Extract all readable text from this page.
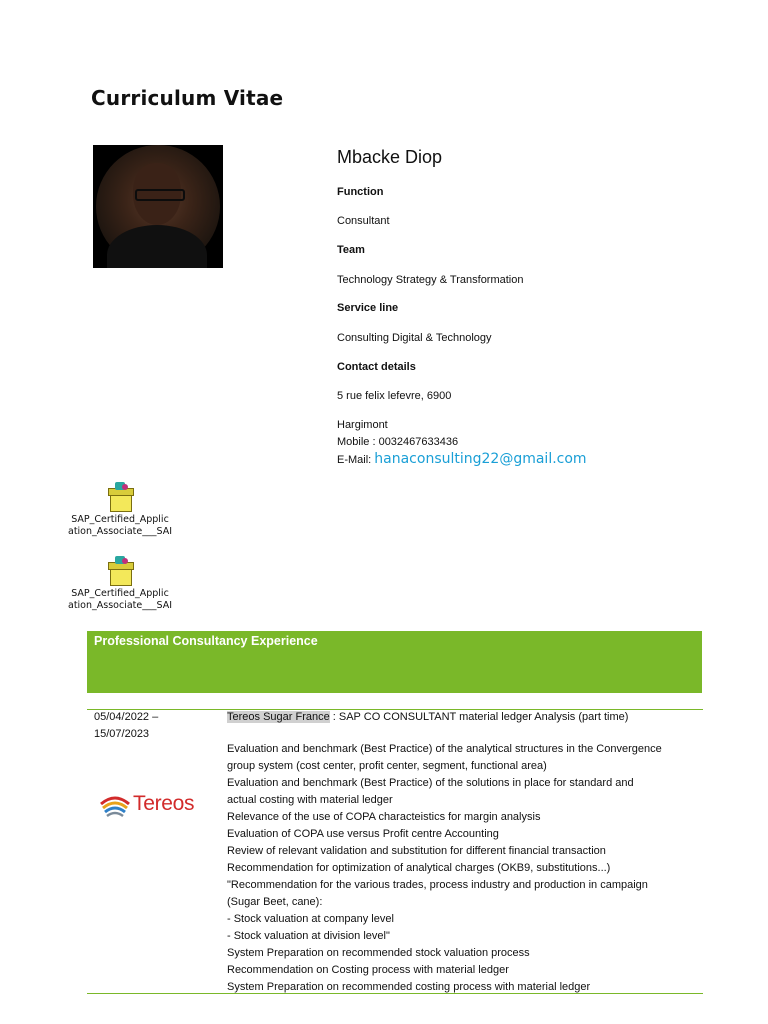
Curriculum Vitae
Mbacke Diop
Function
Consultant
Team
Technology Strategy & Transformation
Service line
Consulting Digital & Technology
Contact details
5 rue felix lefevre, 6900
Hargimont
Mobile : 0032467633436
E-Mail: hanaconsulting22@gmail.com
SAP_Certified_Applic
ation_Associate___SAI
SAP_Certified_Applic
ation_Associate___SAI
Professional Consultancy Experience
05/04/2022 –
15/07/2023
Tereos
Tereos Sugar France : SAP CO CONSULTANT material ledger Analysis (part time)
Evaluation and benchmark (Best Practice) of the analytical structures in the Convergence
group system (cost center, profit center, segment, functional area)
Evaluation and benchmark (Best Practice) of the solutions in place for standard and
actual costing with material ledger
Relevance of the use of COPA characteistics for margin analysis
Evaluation of COPA use versus Profit centre Accounting
Review of relevant validation and substitution for different financial transaction
Recommendation for optimization of analytical charges (OKB9, substitutions...)
"Recommendation for the various trades, process industry and production in campaign
(Sugar Beet, cane):
- Stock valuation at company level
- Stock valuation at division level"
System Preparation on recommended stock valuation process
Recommendation on Costing process with material ledger
System Preparation on recommended costing process with material ledger
